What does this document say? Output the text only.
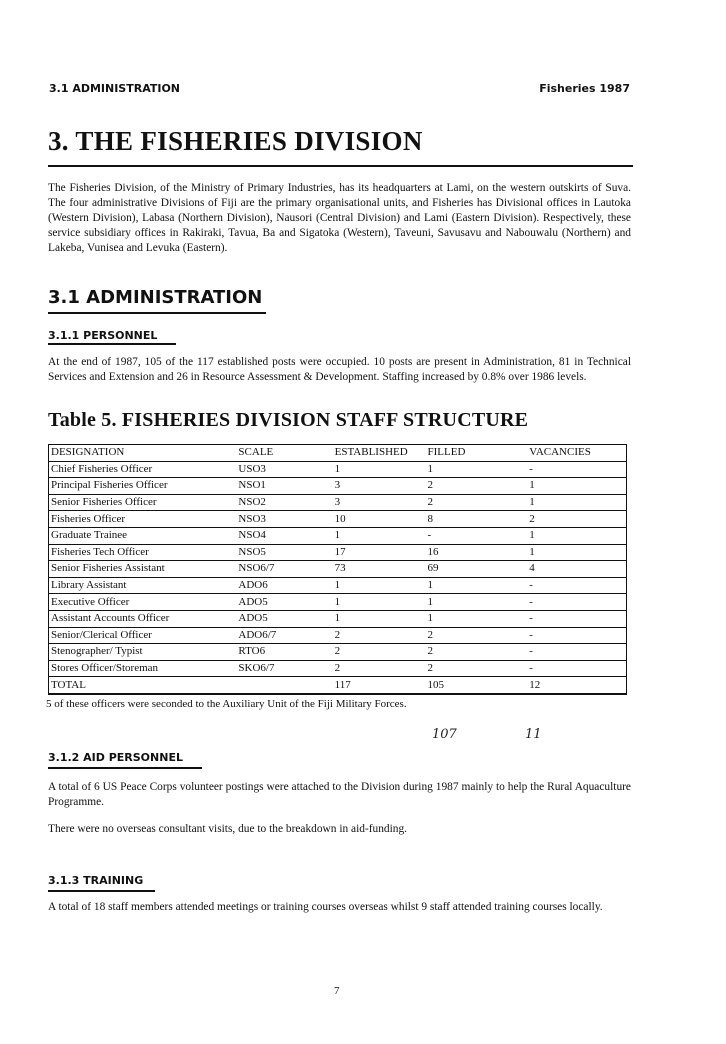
3.1 ADMINISTRATION	Fisheries 1987
3. THE FISHERIES DIVISION
The Fisheries Division, of the Ministry of Primary Industries, has its headquarters at Lami, on the western outskirts of Suva. The four administrative Divisions of Fiji are the primary organisational units, and Fisheries has Divisional offices in Lautoka (Western Division), Labasa (Northern Division), Nausori (Central Division) and Lami (Eastern Division). Respectively, these service subsidiary offices in Rakiraki, Tavua, Ba and Sigatoka (Western), Taveuni, Savusavu and Nabouwalu (Northern) and Lakeba, Vunisea and Levuka (Eastern).
3.1 ADMINISTRATION
3.1.1 PERSONNEL
At the end of 1987, 105 of the 117 established posts were occupied. 10 posts are present in Administration, 81 in Technical Services and Extension and 26 in Resource Assessment & Development. Staffing increased by 0.8% over 1986 levels.
Table 5. FISHERIES DIVISION STAFF STRUCTURE
DESIGNATION	SCALE	ESTABLISHED	FILLED	VACANCIES
Chief Fisheries Officer	USO3	1	1	-
Principal Fisheries Officer	NSO1	3	2	1
Senior Fisheries Officer	NSO2	3	2	1
Fisheries Officer	NSO3	10	8	2
Graduate Trainee	NSO4	1	-	1
Fisheries Tech Officer	NSO5	17	16	1
Senior Fisheries Assistant	NSO6/7	73	69	4
Library Assistant	ADO6	1	1	-
Executive Officer	ADO5	1	1	-
Assistant Accounts Officer	ADO5	1	1	-
Senior/Clerical Officer	ADO6/7	2	2	-
Stenographer/ Typist	RTO6	2	2	-
Stores Officer/Storeman	SKO6/7	2	2	-
TOTAL		117	105	12
5 of these officers were seconded to the Auxiliary Unit of the Fiji Military Forces.
107	11
3.1.2 AID PERSONNEL
A total of 6 US Peace Corps volunteer postings were attached to the Division during 1987 mainly to help the Rural Aquaculture Programme.
There were no overseas consultant visits, due to the breakdown in aid-funding.
3.1.3 TRAINING
A total of 18 staff members attended meetings or training courses overseas whilst 9 staff attended training courses locally.
7
